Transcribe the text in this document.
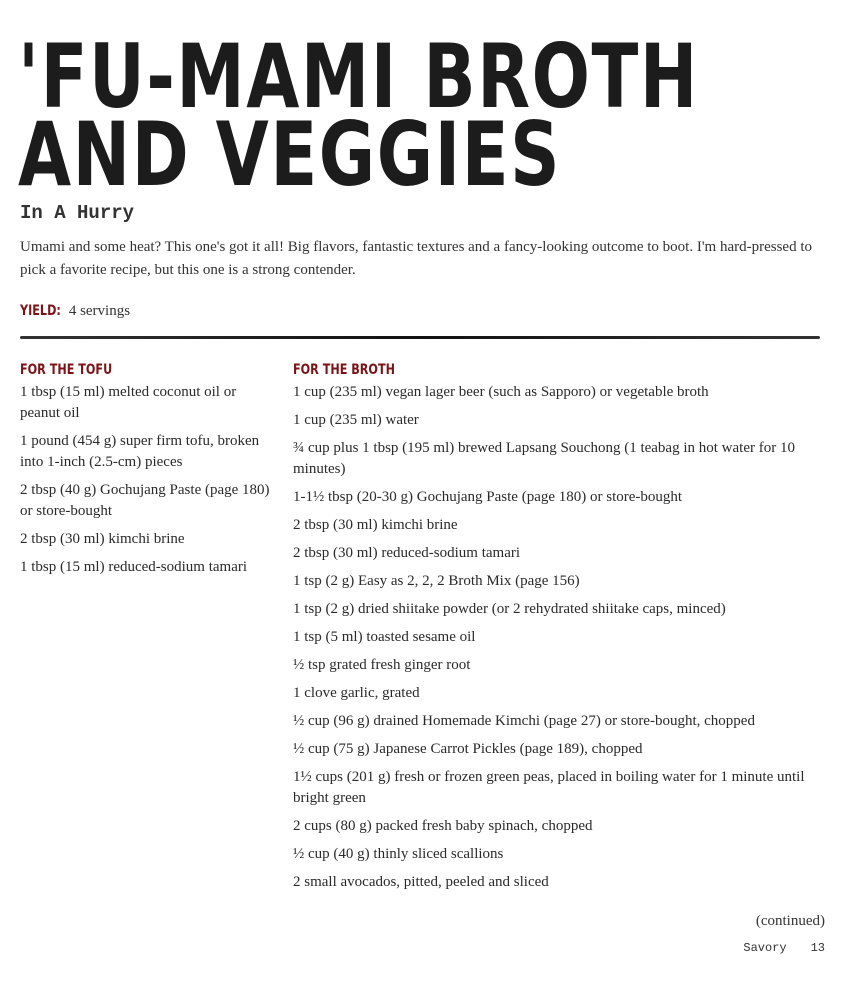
'FU-MAMI BROTH
AND VEGGIES
In A Hurry
Umami and some heat? This one's got it all! Big flavors, fantastic textures and a fancy-looking outcome to boot. I'm hard-pressed to pick a favorite recipe, but this one is a strong contender.
YIELD: 4 servings
FOR THE TOFU
1 tbsp (15 ml) melted coconut oil or peanut oil
1 pound (454 g) super firm tofu, broken into 1-inch (2.5-cm) pieces
2 tbsp (40 g) Gochujang Paste (page 180) or store-bought
2 tbsp (30 ml) kimchi brine
1 tbsp (15 ml) reduced-sodium tamari
FOR THE BROTH
1 cup (235 ml) vegan lager beer (such as Sapporo) or vegetable broth
1 cup (235 ml) water
¾ cup plus 1 tbsp (195 ml) brewed Lapsang Souchong (1 teabag in hot water for 10 minutes)
1-1½ tbsp (20-30 g) Gochujang Paste (page 180) or store-bought
2 tbsp (30 ml) kimchi brine
2 tbsp (30 ml) reduced-sodium tamari
1 tsp (2 g) Easy as 2, 2, 2 Broth Mix (page 156)
1 tsp (2 g) dried shiitake powder (or 2 rehydrated shiitake caps, minced)
1 tsp (5 ml) toasted sesame oil
½ tsp grated fresh ginger root
1 clove garlic, grated
½ cup (96 g) drained Homemade Kimchi (page 27) or store-bought, chopped
½ cup (75 g) Japanese Carrot Pickles (page 189), chopped
1½ cups (201 g) fresh or frozen green peas, placed in boiling water for 1 minute until bright green
2 cups (80 g) packed fresh baby spinach, chopped
½ cup (40 g) thinly sliced scallions
2 small avocados, pitted, peeled and sliced
(continued)
Savory 13
